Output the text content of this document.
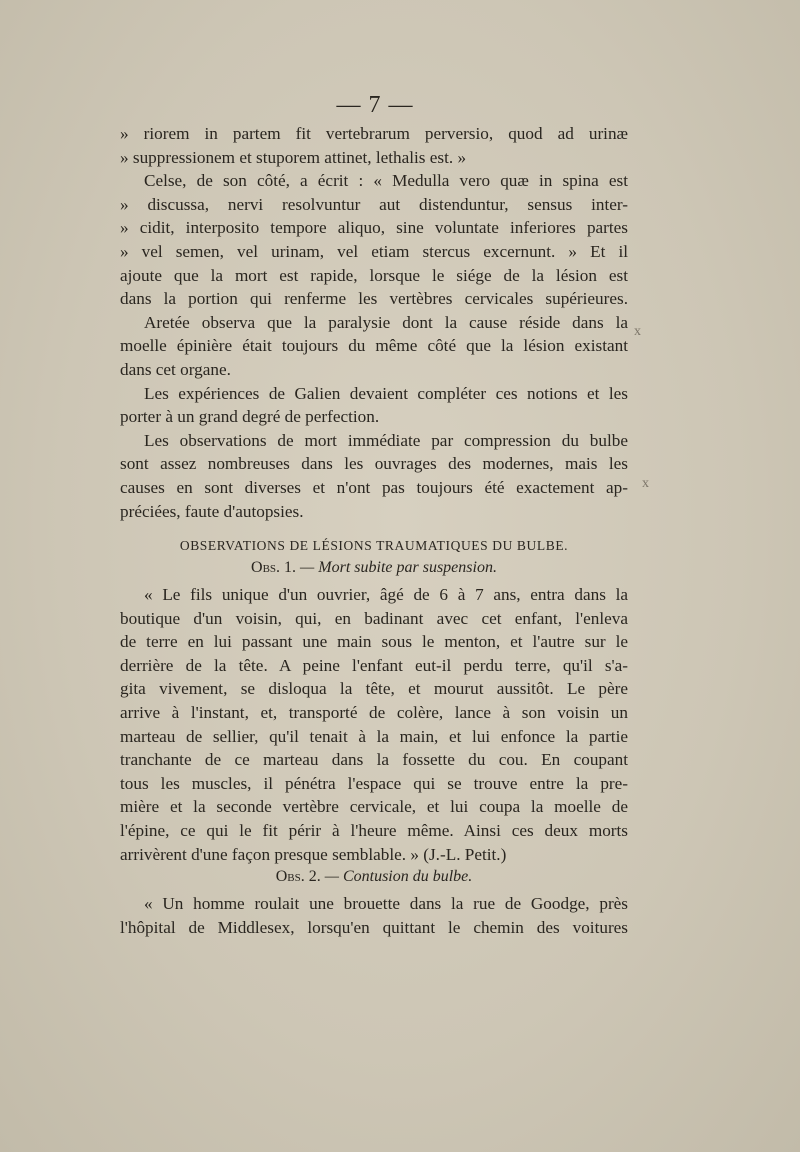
— 7 —
» riorem in partem fit vertebrarum perversio, quod ad urinæ
» suppressionem et stuporem attinet, lethalis est. »
Celse, de son côté, a écrit : « Medulla vero quæ in spina est
» discussa, nervi resolvuntur aut distenduntur, sensus inter-
» cidit, interposito tempore aliquo, sine voluntate inferiores partes
» vel semen, vel urinam, vel etiam stercus excernunt. » Et il
ajoute que la mort est rapide, lorsque le siége de la lésion est
dans la portion qui renferme les vertèbres cervicales supérieures.
Aretée observa que la paralysie dont la cause réside dans la
moelle épinière était toujours du même côté que la lésion existant
dans cet organe.
Les expériences de Galien devaient compléter ces notions et les
porter à un grand degré de perfection.
Les observations de mort immédiate par compression du bulbe
sont assez nombreuses dans les ouvrages des modernes, mais les
causes en sont diverses et n'ont pas toujours été exactement ap-
préciées, faute d'autopsies.
OBSERVATIONS DE LÉSIONS TRAUMATIQUES DU BULBE.
Obs. 1. — Mort subite par suspension.
« Le fils unique d'un ouvrier, âgé de 6 à 7 ans, entra dans la
boutique d'un voisin, qui, en badinant avec cet enfant, l'enleva
de terre en lui passant une main sous le menton, et l'autre sur le
derrière de la tête. A peine l'enfant eut-il perdu terre, qu'il s'a-
gita vivement, se disloqua la tête, et mourut aussitôt. Le père
arrive à l'instant, et, transporté de colère, lance à son voisin un
marteau de sellier, qu'il tenait à la main, et lui enfonce la partie
tranchante de ce marteau dans la fossette du cou. En coupant
tous les muscles, il pénétra l'espace qui se trouve entre la pre-
mière et la seconde vertèbre cervicale, et lui coupa la moelle de
l'épine, ce qui le fit périr à l'heure même. Ainsi ces deux morts
arrivèrent d'une façon presque semblable. » (J.-L. Petit.)
Obs. 2. — Contusion du bulbe.
« Un homme roulait une brouette dans la rue de Goodge, près
l'hôpital de Middlesex, lorsqu'en quittant le chemin des voitures
x
x
